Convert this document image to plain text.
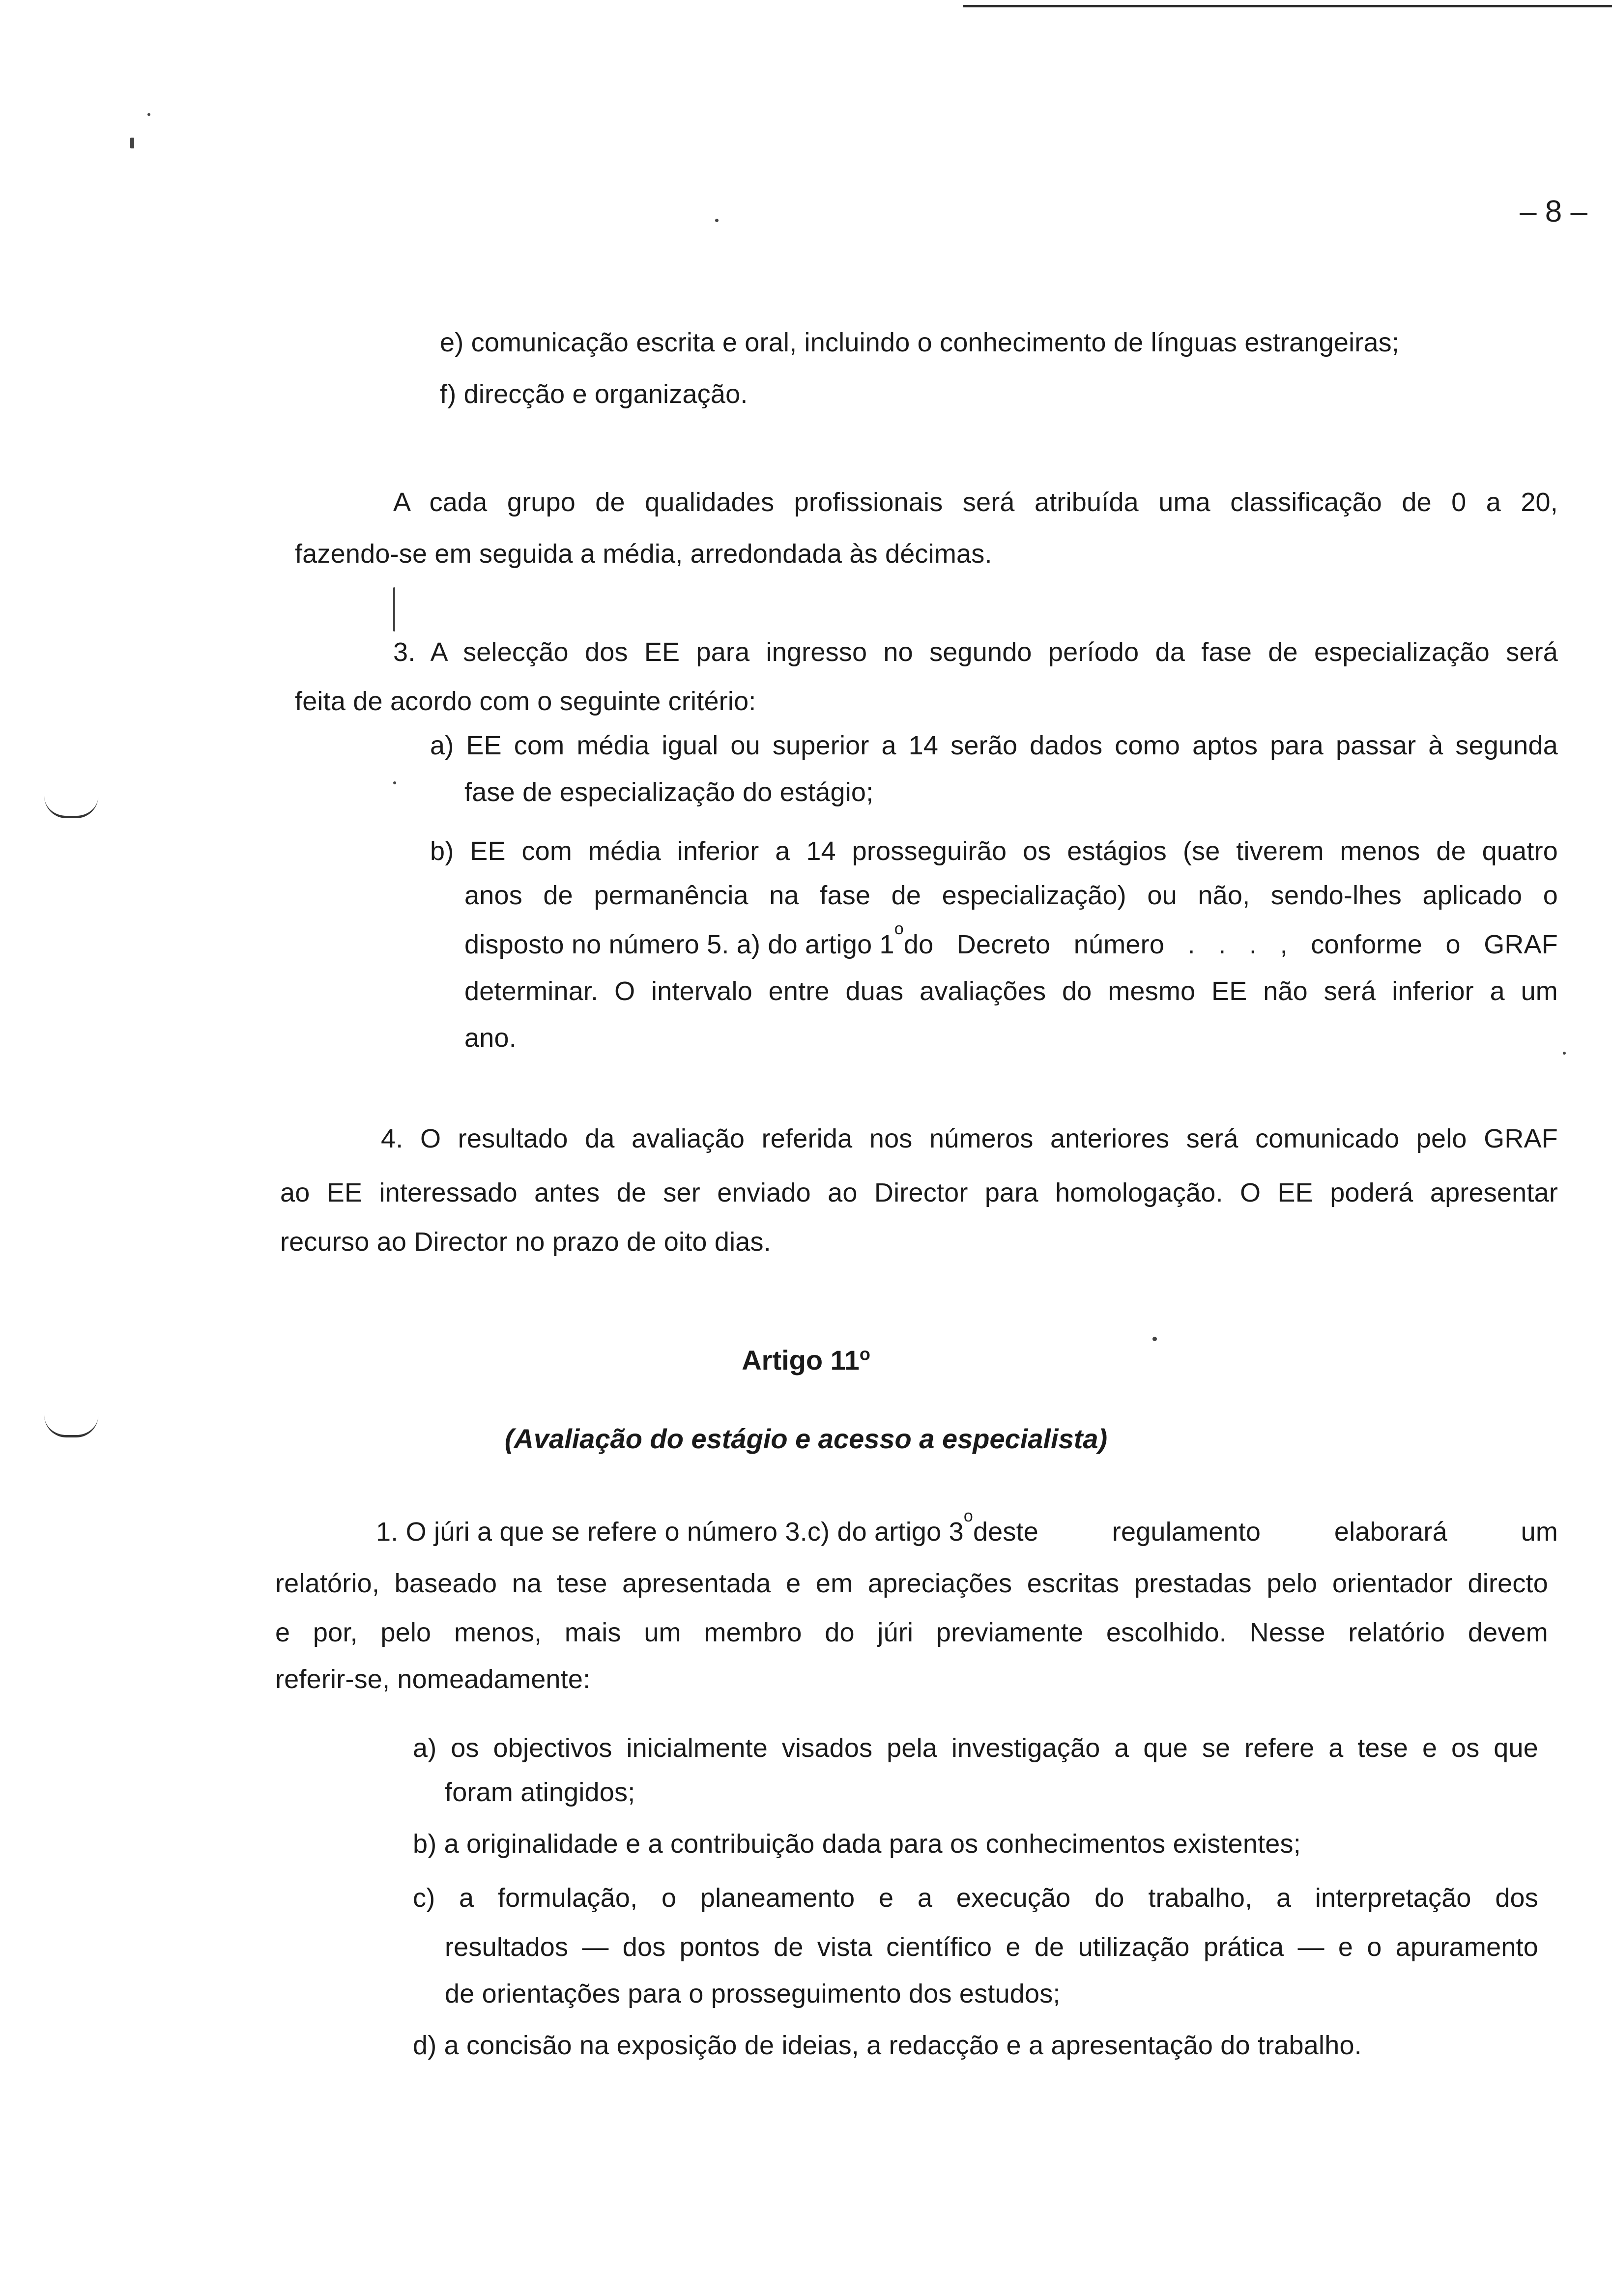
– 8 –
e) comunicação escrita e oral, incluindo o conhecimento de línguas estrangeiras;
f) direcção e organização.
A cada grupo de qualidades profissionais será atribuída uma classificação de 0 a 20,
fazendo-se em seguida a média, arredondada às décimas.
3. A selecção dos EE para ingresso no segundo período da fase de especialização será
feita de acordo com o seguinte critério:
a) EE com média igual ou superior a 14 serão dados como aptos para passar à segunda
fase de especialização do estágio;
b) EE com média inferior a 14 prosseguirão os estágios (se tiverem menos de quatro
anos de permanência na fase de especialização) ou não, sendo-lhes aplicado o
disposto no número 5. a) do artigo 1
o
do Decreto número . . . , conforme o GRAF
determinar. O intervalo entre duas avaliações do mesmo EE não será inferior a um
ano.
4. O resultado da avaliação referida nos números anteriores será comunicado pelo GRAF
ao EE interessado antes de ser enviado ao Director para homologação. O EE poderá apresentar
recurso ao Director no prazo de oito dias.
Artigo 11$^o$
(Avaliação do estágio e acesso a especialista)
1. O júri a que se refere o número 3.c) do artigo 3
o
deste regulamento elaborará um
relatório, baseado na tese apresentada e em apreciações escritas prestadas pelo orientador directo
e por, pelo menos, mais um membro do júri previamente escolhido. Nesse relatório devem
referir-se, nomeadamente:
a) os objectivos inicialmente visados pela investigação a que se refere a tese e os que
foram atingidos;
b) a originalidade e a contribuição dada para os conhecimentos existentes;
c) a formulação, o planeamento e a execução do trabalho, a interpretação dos
resultados — dos pontos de vista científico e de utilização prática — e o apuramento
de orientações para o prosseguimento dos estudos;
d) a concisão na exposição de ideias, a redacção e a apresentação do trabalho.
